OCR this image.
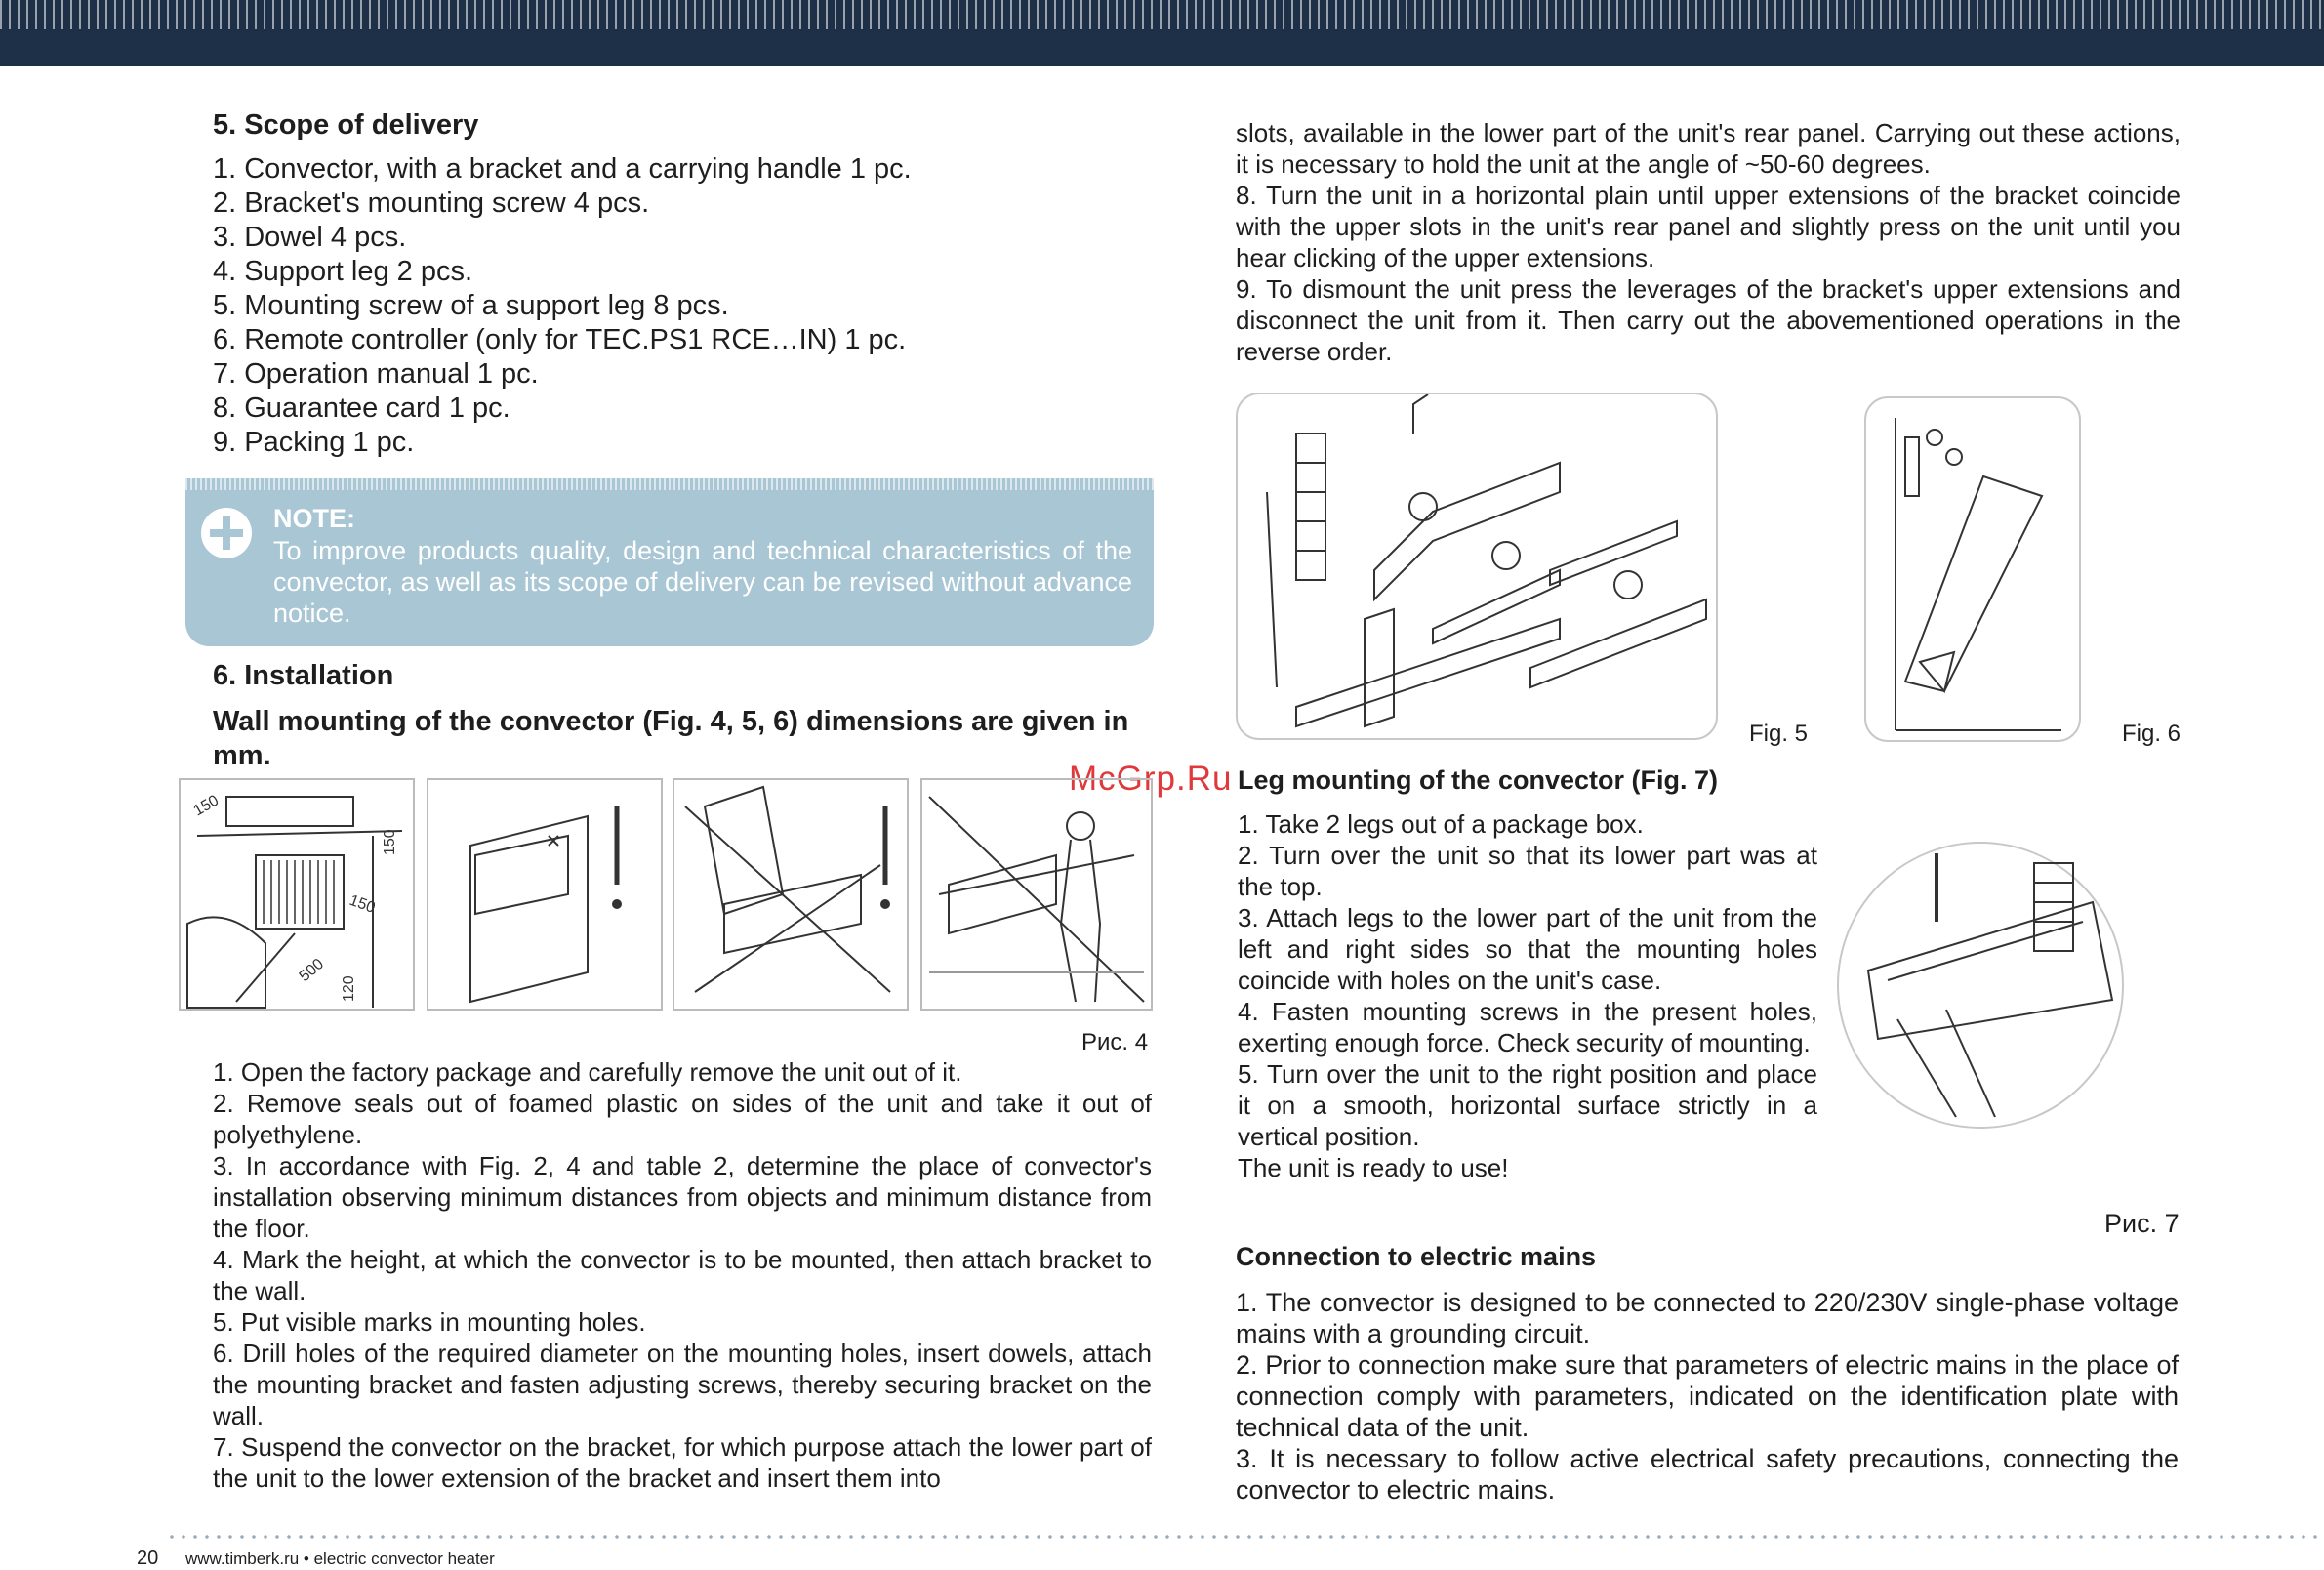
McGrp.Ru
5. Scope of delivery
1. Convector, with a bracket and a carrying handle 1 pc.
2. Bracket's mounting screw 4 pcs.
3. Dowel 4 pcs.
4. Support leg 2 pcs.
5. Mounting screw of a support leg 8 pcs.
6. Remote controller (only for TEC.PS1 RCE…IN) 1 pc.
7. Operation manual 1 pc.
8. Guarantee card 1 pc.
9. Packing 1 pc.
NOTE:
To improve products quality, design and technical characteristics of the convector, as well as its scope of delivery can be revised without advance notice.
6. Installation
Wall mounting of the convector (Fig. 4, 5, 6) dimensions are given in mm.
150
150
150
500
120
Рис. 4

1. Open the factory package and carefully remove the unit out of it.

2. Remove seals out of foamed plastic on sides of the unit and take it out of polyethylene.

3. In accordance with Fig. 2, 4 and table 2, determine the place of convector's installation observing minimum distances from objects and minimum distance from the floor.

4. Mark the height, at which the convector is to be mounted, then attach bracket to the wall.

5. Put visible marks in mounting holes.

6. Drill holes of the required diameter on the mounting holes, insert dowels, attach the mounting bracket and fasten adjusting screws, thereby securing bracket on the wall.

7. Suspend the convector on the bracket, for which purpose attach the lower part of the unit to the lower extension of the bracket and insert them into

slots, available in the lower part of the unit's rear panel. Carrying out these actions, it is necessary to hold the unit at the angle of ~50-60 degrees.

8. Turn the unit in a horizontal plain until upper extensions of the bracket coincide with the upper slots in the unit's rear panel and slightly press on the unit until you hear clicking of the upper extensions.

9. To dismount the unit press the leverages of the bracket's upper extensions and disconnect the unit from it. Then carry out the abovementioned operations in the reverse order.

Fig. 5	Fig. 6
Leg mounting of the convector (Fig. 7)

1. Take 2 legs out of a package box.

2. Turn over the unit so that its lower part was at the top.

3. Attach legs to the lower part of the unit from the left and right sides so that the mounting holes coincide with holes on the unit's case.

4. Fasten mounting screws in the present holes, exerting enough force. Check security of mounting.

5. Turn over the unit to the right position and place it on a smooth, horizontal surface strictly in a vertical position.

The unit is ready to use!

Рис. 7
Connection to electric mains

1. The convector is designed to be connected to 220/230V single-phase voltage mains with a grounding circuit.

2. Prior to connection make sure that parameters of electric mains in the place of connection comply with parameters, indicated on the identification plate with technical data of the unit.

3. It is necessary to follow active electrical safety precautions, connecting the convector to electric mains.

20 www.timberk.ru • electric convector heater
